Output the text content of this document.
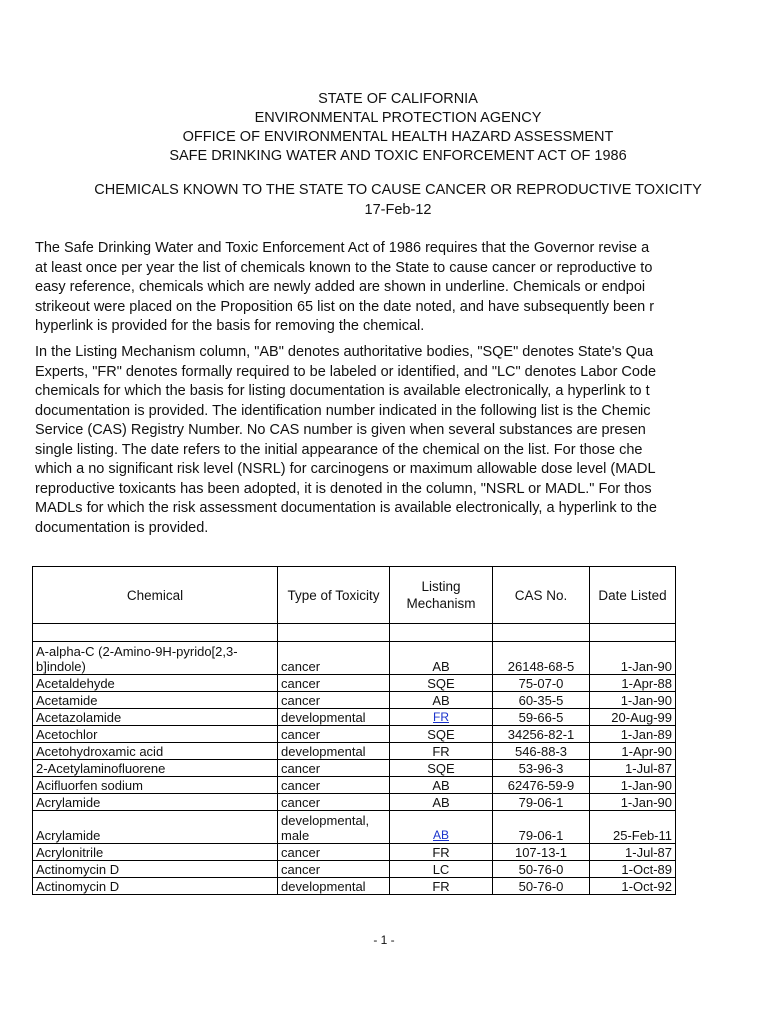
STATE OF CALIFORNIA
ENVIRONMENTAL PROTECTION AGENCY
OFFICE OF ENVIRONMENTAL HEALTH HAZARD ASSESSMENT
SAFE DRINKING WATER AND TOXIC ENFORCEMENT ACT OF 1986
CHEMICALS KNOWN TO THE STATE TO CAUSE CANCER OR REPRODUCTIVE TOXICITY
17-Feb-12
The Safe Drinking Water and Toxic Enforcement Act of 1986 requires that the Governor revise a
at least once per year the list of chemicals known to the State to cause cancer or reproductive to
easy reference, chemicals which are newly added are shown in underline. Chemicals or endpoi
strikeout were placed on the Proposition 65 list on the date noted, and have subsequently been r
hyperlink is provided for the basis for removing the chemical.
In the Listing Mechanism column, "AB" denotes authoritative bodies, "SQE" denotes State's Qua
Experts, "FR" denotes formally required to be labeled or identified, and "LC" denotes Labor Code
chemicals for which the basis for listing documentation is available electronically, a hyperlink to t
documentation is provided. The identification number indicated in the following list is the Chemic
Service (CAS) Registry Number. No CAS number is given when several substances are presen
single listing. The date refers to the initial appearance of the chemical on the list. For those che
which a no significant risk level (NSRL) for carcinogens or maximum allowable dose level (MADL
reproductive toxicants has been adopted, it is denoted in the column, "NSRL or MADL." For thos
MADLs for which the risk assessment documentation is available electronically, a hyperlink to the
documentation is provided.
Chemical	Type of Toxicity	Listing Mechanism	CAS No.	Date Listed

A-alpha-C (2-Amino-9H-pyrido[2,3-b]indole)	cancer	AB	26148-68-5	1-Jan-90
Acetaldehyde	cancer	SQE	75-07-0	1-Apr-88
Acetamide	cancer	AB	60-35-5	1-Jan-90
Acetazolamide	developmental	FR	59-66-5	20-Aug-99
Acetochlor	cancer	SQE	34256-82-1	1-Jan-89
Acetohydroxamic acid	developmental	FR	546-88-3	1-Apr-90
2-Acetylaminofluorene	cancer	SQE	53-96-3	1-Jul-87
Acifluorfen sodium	cancer	AB	62476-59-9	1-Jan-90
Acrylamide	cancer	AB	79-06-1	1-Jan-90
Acrylamide	developmental, male	AB	79-06-1	25-Feb-11
Acrylonitrile	cancer	FR	107-13-1	1-Jul-87
Actinomycin D	cancer	LC	50-76-0	1-Oct-89
Actinomycin D	developmental	FR	50-76-0	1-Oct-92
- 1 -
